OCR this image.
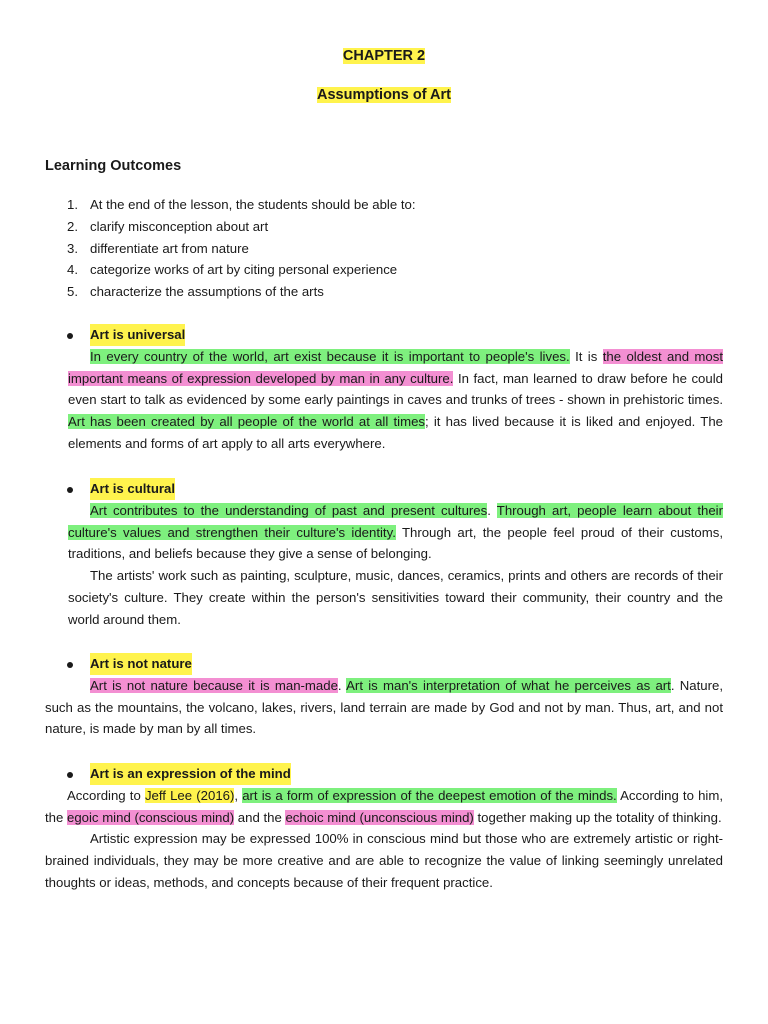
CHAPTER 2
Assumptions of Art
Learning Outcomes
1. At the end of the lesson, the students should be able to:
2. clarify misconception about art
3. differentiate art from nature
4. categorize works of art by citing personal experience
5. characterize the assumptions of the arts
Art is universal

In every country of the world, art exist because it is important to people's lives. It is the oldest and most important means of expression developed by man in any culture. In fact, man learned to draw before he could even start to talk as evidenced by some early paintings in caves and trunks of trees - shown in prehistoric times. Art has been created by all people of the world at all times; it has lived because it is liked and enjoyed. The elements and forms of art apply to all arts everywhere.

Art is cultural

Art contributes to the understanding of past and present cultures. Through art, people learn about their culture's values and strengthen their culture's identity. Through art, the people feel proud of their customs, traditions, and beliefs because they give a sense of belonging.

The artists' work such as painting, sculpture, music, dances, ceramics, prints and others are records of their society's culture. They create within the person's sensitivities toward their community, their country and the world around them.

Art is not nature

Art is not nature because it is man-made. Art is man's interpretation of what he perceives as art. Nature, such as the mountains, the volcano, lakes, rivers, land terrain are made by God and not by man. Thus, art, and not nature, is made by man by all times.

Art is an expression of the mind

According to Jeff Lee (2016), art is a form of expression of the deepest emotion of the minds. According to him, the egoic mind (conscious mind) and the echoic mind (unconscious mind) together making up the totality of thinking.

Artistic expression may be expressed 100% in conscious mind but those who are extremely artistic or right-brained individuals, they may be more creative and are able to recognize the value of linking seemingly unrelated thoughts or ideas, methods, and concepts because of their frequent practice.
